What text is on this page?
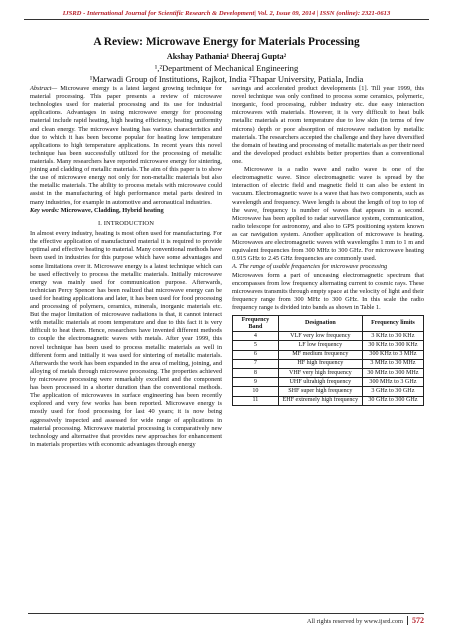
IJSRD - International Journal for Scientific Research & Development| Vol. 2, Issue 09, 2014 | ISSN (online): 2321-0613
A Review: Microwave Energy for Materials Processing
Akshay Pathania¹ Dheeraj Gupta²
¹,²Department of Mechanical Engineering
¹Marwadi Group of Institutions, Rajkot, India ²Thapar University, Patiala, India

Abstract— Microwave energy is a latest largest growing technique for material processing. This paper presents a review of microwave technologies used for material processing and its use for industrial applications. Advantages in using microwave energy for processing material include rapid heating, high heating efficiency, heating uniformity and clean energy. The microwave heating has various characteristics and due to which it has been become popular for heating low temperature applications to high temperature applications. In recent years this novel technique has been successfully utilized for the processing of metallic materials. Many researchers have reported microwave energy for sintering, joining and cladding of metallic materials. The aim of this paper is to show the use of microwave energy not only for non-metallic materials but also the metallic materials. The ability to process metals with microwave could assist in the manufacturing of high performance metal parts desired in many industries, for example in automotive and aeronautical industries.

Key words: Microwave, Cladding, Hybrid heating

I. INTRODUCTION

In almost every industry, heating is most often used for manufacturing. For the effective application of manufactured material it is required to provide optimal and effective heating to material. Many conventional methods have been used in industries for this purpose which have some advantages and some limitations over it. Microwave energy is a latest technique which can be used effectively to process the metallic materials. Initially microwave energy was mainly used for communication purpose. Afterwards, technician Percy Spencer has been realized that microwave energy can be used for heating applications and later, it has been used for food processing and processing of polymers, ceramics, minerals, inorganic materials etc. But the major limitation of microwave radiations is that, it cannot interact with metallic materials at room temperature and due to this fact it is very difficult to heat them. Hence, researchers have invented different methods to couple the electromagnetic waves with metals. After year 1999, this novel technique has been used to process metallic materials as well in different form and initially it was used for sintering of metallic materials. Afterwards the work has been expanded in the area of melting, joining, and alloying of metals through microwave processing. The properties achieved by microwave processing were remarkably excellent and the component has been processed in a shorter duration than the conventional methods. The application of microwaves in surface engineering has been recently explored and very few works has been reported. Microwave energy is mostly used for food processing for last 40 years; it is now being aggressively inspected and assessed for wide range of applications in material processing. Microwave material processing is comparatively new technology and alternative that provides new approaches for enhancement in materials properties with economic advantages through energy

savings and accelerated product developments [1]. Till year 1999, this novel technique was only confined to process some ceramics, polymeric, inorganic, food processing, rubber industry etc. due easy interaction microwaves with materials. However, it is very difficult to heat bulk metallic materials at room temperature due to low skin (in terms of few microns) depth or poor absorption of microwave radiation by metallic materials. The researchers accepted the challenge and they have diversified the domain of heating and processing of metallic materials as per their need and the developed product exhibits better properties than a conventional one.

Microwave is a radio wave and radio wave is one of the electromagnetic wave. Since electromagnetic wave is spread by the interaction of electric field and magnetic field it can also be extent in vacuum. Electromagnetic wave is a wave that has two components, such as wavelength and frequency. Wave length is about the length of top to top of the wave, frequency is number of waves that appears in a second. Microwave has been applied to radar surveillance system, communication, radio telescope for astronomy, and also to GPS positioning system known as car navigation system. Another application of microwave is heating. Microwaves are electromagnetic waves with wavelengths 1 mm to 1 m and equivalent frequencies from 300 MHz to 300 GHz. For microwave heating 0.915 GHz to 2.45 GHz frequencies are commonly used.

A. The range of usable frequencies for microwave processing

Microwaves form a part of unceasing electromagnetic spectrum that encompasses from low frequency alternating current to cosmic rays. These microwaves transmits through empty space at the velocity of light and their frequency range from 300 MHz to 300 GHz. In this scale the radio frequency range is divided into bands as shown in Table 1.

Frequency Band	Designation	Frequency limits
4	VLF very low frequency	3 KHz to 30 KHz
5	LF low frequency	30 KHz to 300 KHz
6	MF medium frequency	300 KHz to 3 MHz
7	HF high frequency	3 MHz to 30 MHz
8	VHF very high frequency	30 MHz to 300 MHz
9	UHF ultrahigh frequency	300 MHz to 3 GHz
10	SHF super high frequency	3 GHz to 30 GHz
11	EHF extremely high frequency	30 GHz to 300 GHz
All rights reserved by www.ijsrd.com 572
